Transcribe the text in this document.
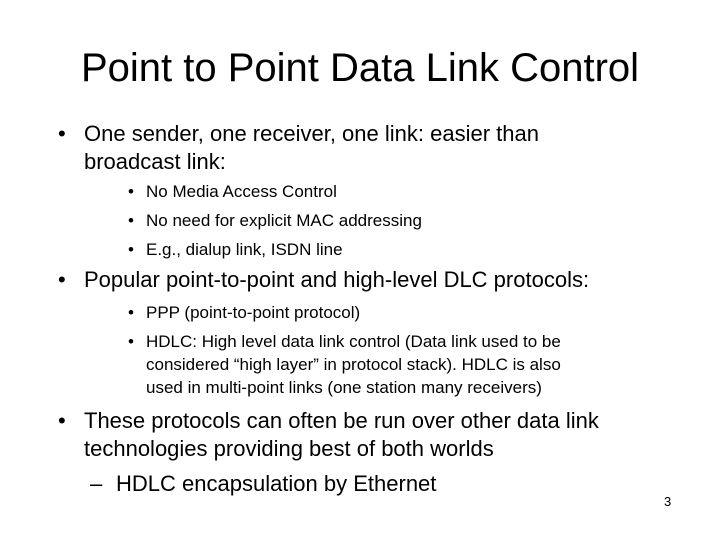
Point to Point Data Link Control
• One sender, one receiver, one link: easier than
broadcast link:
• No Media Access Control
• No need for explicit MAC addressing
• E.g., dialup link, ISDN line
• Popular point-to-point and high-level DLC protocols:
• PPP (point-to-point protocol)
• HDLC: High level data link control (Data link used to be
considered “high layer” in protocol stack). HDLC is also
used in multi-point links (one station many receivers)
• These protocols can often be run over other data link
technologies providing best of both worlds
– HDLC encapsulation by Ethernet
3
